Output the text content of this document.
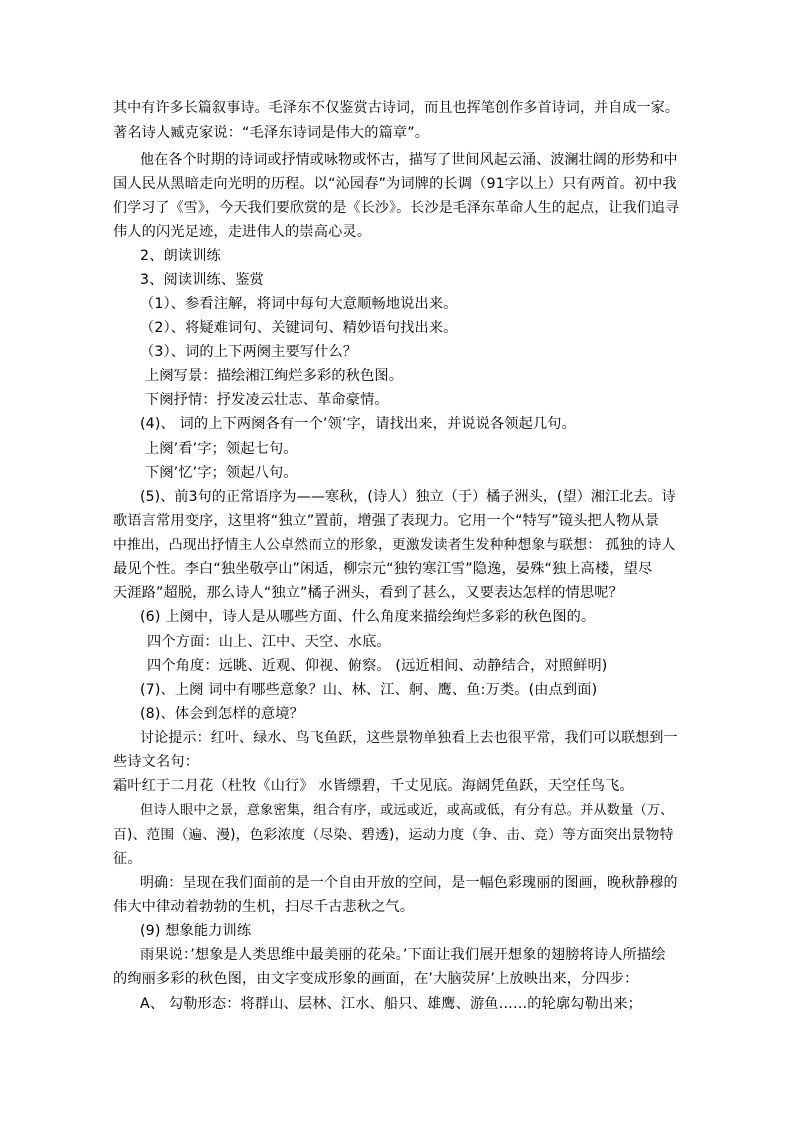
其中有许多长篇叙事诗。毛泽东不仅鉴赏古诗词，而且也挥笔创作多首诗词，并自成一家。
著名诗人臧克家说：“毛泽东诗词是伟大的篇章”。
他在各个时期的诗词或抒情或咏物或怀古，描写了世间风起云涌、波澜壮阔的形势和中
国人民从黑暗走向光明的历程。以“沁园春”为词牌的长调（91字以上）只有两首。初中我
们学习了《雪》，今天我们要欣赏的是《长沙》。长沙是毛泽东革命人生的起点，让我们追寻
伟人的闪光足迹，走进伟人的崇高心灵。
2、朗读训练
3、阅读训练、鉴赏
（1）、参看注解，将词中每句大意顺畅地说出来。
（2）、将疑难词句、关键词句、精妙语句找出来。
（3）、词的上下两阕主要写什么？
上阕写景：描绘湘江绚烂多彩的秋色图。
下阕抒情：抒发凌云壮志、革命豪情。
(4)、 词的上下两阕各有一个’领’字，请找出来，并说说各领起几句。
上阕’看’字；领起七句。
下阕’忆’字；领起八句。
(5)、前3句的正常语序为——寒秋，(诗人）独立（于）橘子洲头，(望）湘江北去。诗
歌语言常用变序，这里将“独立”置前，增强了表现力。它用一个“特写”镜头把人物从景
中推出，凸现出抒情主人公卓然而立的形象，更激发读者生发种种想象与联想： 孤独的诗人
最见个性。李白“独坐敬亭山”闲适，柳宗元“独钓寒江雪”隐逸，晏殊“独上高楼，望尽
天涯路”超脱，那么诗人“独立”橘子洲头，看到了甚么，又要表达怎样的情思呢？
(6) 上阕中，诗人是从哪些方面、什么角度来描绘绚烂多彩的秋色图的。
四个方面：山上、江中、天空、水底。
四个角度：远眺、近观、仰视、俯察。 (远近相间、动静结合，对照鲜明)
(7)、上阕 词中有哪些意象？山、林、江、舸、鹰、鱼:万类。(由点到面)
(8)、体会到怎样的意境？
讨论提示：红叶、绿水、鸟飞鱼跃，这些景物单独看上去也很平常，我们可以联想到一
些诗文名句：
霜叶红于二月花（杜牧《山行》 水皆缥碧，千丈见底。海阔凭鱼跃，天空任鸟飞。
但诗人眼中之景，意象密集，组合有序，或远或近，或高或低，有分有总。并从数量（万、
百)、范围（遍、漫)，色彩浓度（尽染、碧透)，运动力度（争、击、竞）等方面突出景物特
征。
明确：呈现在我们面前的是一个自由开放的空间，是一幅色彩瑰丽的图画，晚秋静穆的
伟大中律动着勃勃的生机，扫尽千古悲秋之气。
(9) 想象能力训练
雨果说：’想象是人类思维中最美丽的花朵。’下面让我们展开想象的翅膀将诗人所描绘
的绚丽多彩的秋色图，由文字变成形象的画面，在’大脑荧屏’上放映出来，分四步：
A、 勾勒形态：将群山、层林、江水、船只、雄鹰、游鱼……的轮廓勾勒出来；
